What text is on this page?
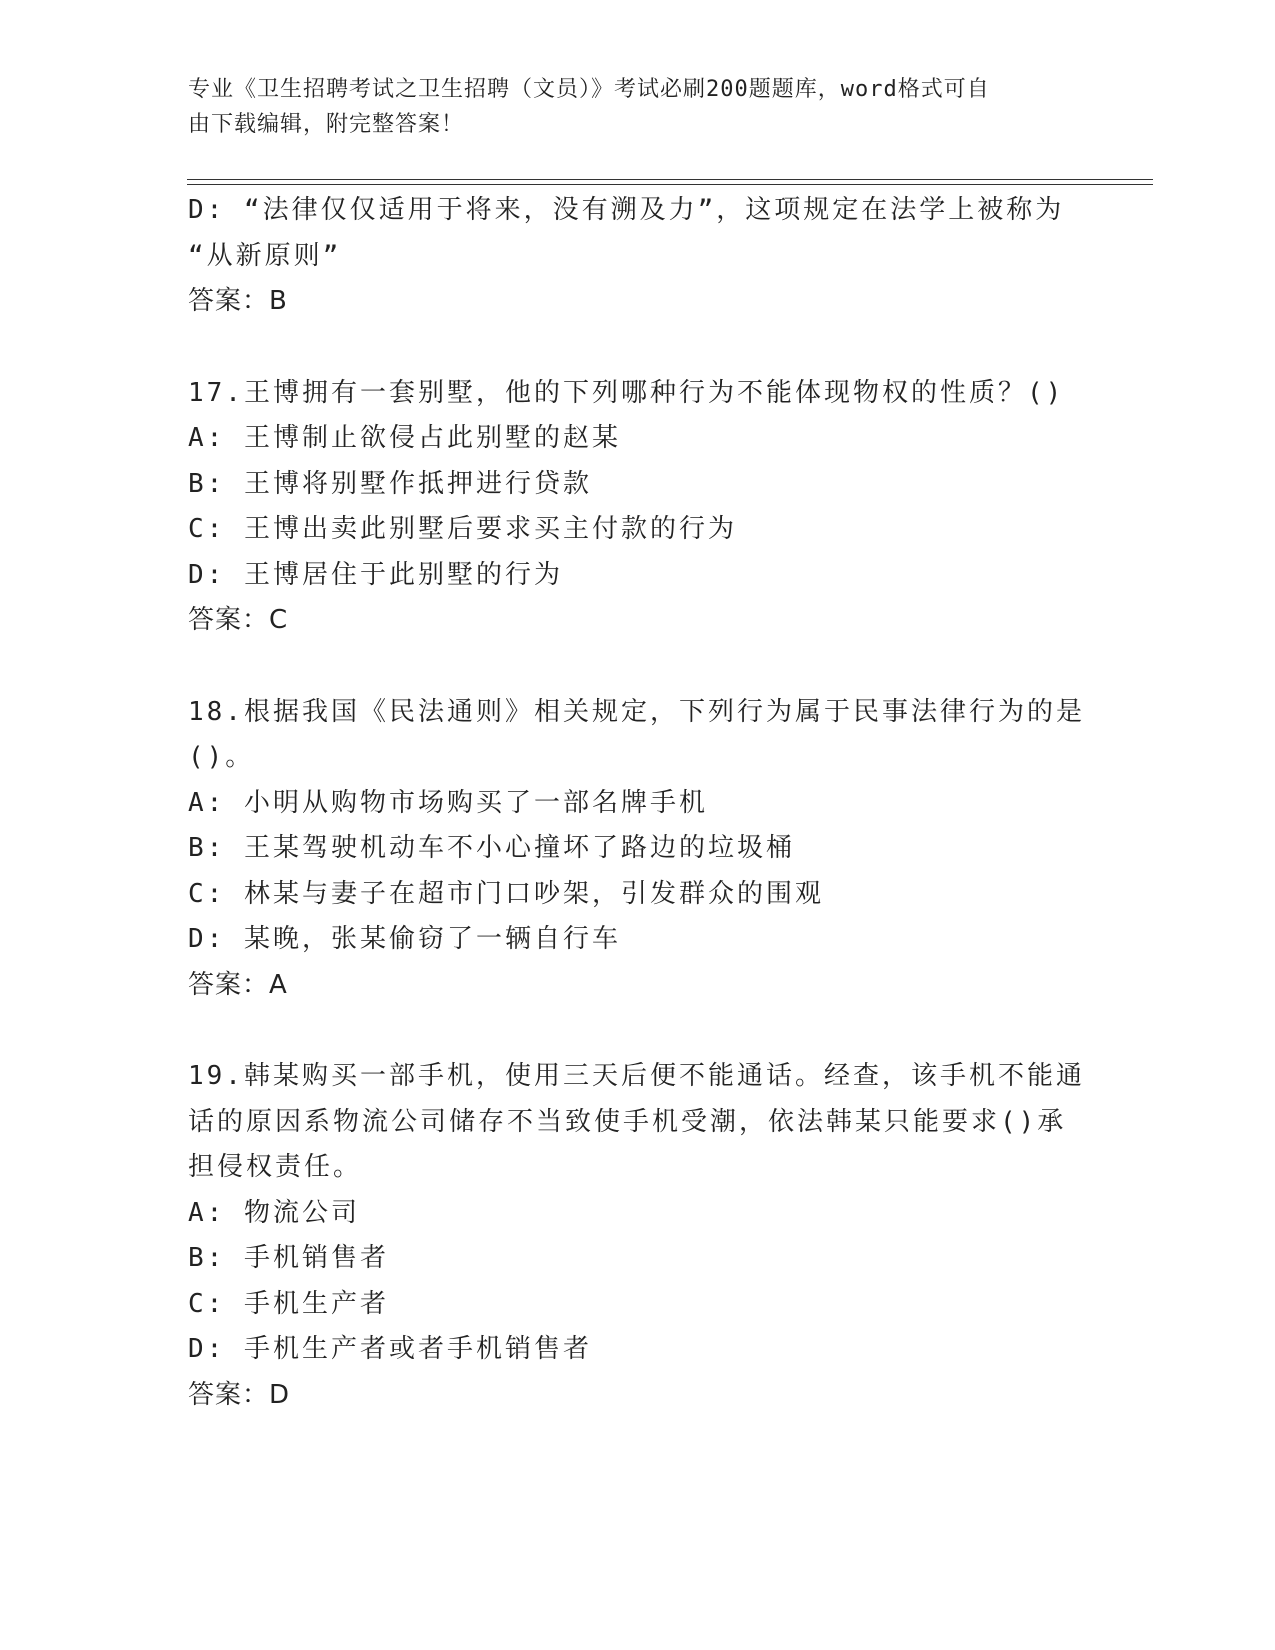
专业《卫生招聘考试之卫生招聘（文员）》考试必刷200题题库，word格式可自
由下载编辑，附完整答案！
D: “法律仅仅适用于将来，没有溯及力”，这项规定在法学上被称为
“从新原则”
答案：B
17.王博拥有一套别墅，他的下列哪种行为不能体现物权的性质？()
A: 王博制止欲侵占此别墅的赵某
B: 王博将别墅作抵押进行贷款
C: 王博出卖此别墅后要求买主付款的行为
D: 王博居住于此别墅的行为
答案：C
18.根据我国《民法通则》相关规定，下列行为属于民事法律行为的是
()。
A: 小明从购物市场购买了一部名牌手机
B: 王某驾驶机动车不小心撞坏了路边的垃圾桶
C: 林某与妻子在超市门口吵架，引发群众的围观
D: 某晚，张某偷窃了一辆自行车
答案：A
19.韩某购买一部手机，使用三天后便不能通话。经查，该手机不能通
话的原因系物流公司储存不当致使手机受潮，依法韩某只能要求()承
担侵权责任。
A: 物流公司
B: 手机销售者
C: 手机生产者
D: 手机生产者或者手机销售者
答案：D
